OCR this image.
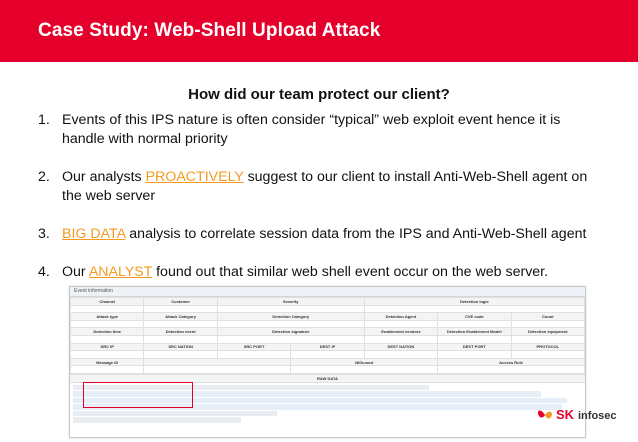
Case Study: Web-Shell Upload Attack
How did our team protect our client?
1. Events of this IPS nature is often consider “typical” web exploit event hence it is handle with normal priority
2. Our analysts PROACTIVELY suggest to our client to install Anti-Web-Shell agent on the web server
3. BIG DATA analysis to correlate session data from the IPS and Anti-Web-Shell agent
4. Our ANALYST found out that similar web shell event occur on the web server.
Event information
Channel	Customer	Severity		Detection logic		

Attack type	Attack Category	Detection Category		Detection Agent	CVE code	Count

Detection time	Detection event	Detection signature		Enablement vendors	Detection Enablement Model	Detection equipment

SRC IP	SRC NATION	SRC PORT	DEST IP	DEST NATION	DEST PORT	PROTOCOL

Message ID			NIGcount		Access Rule	

RAW DATA
SK infosec
